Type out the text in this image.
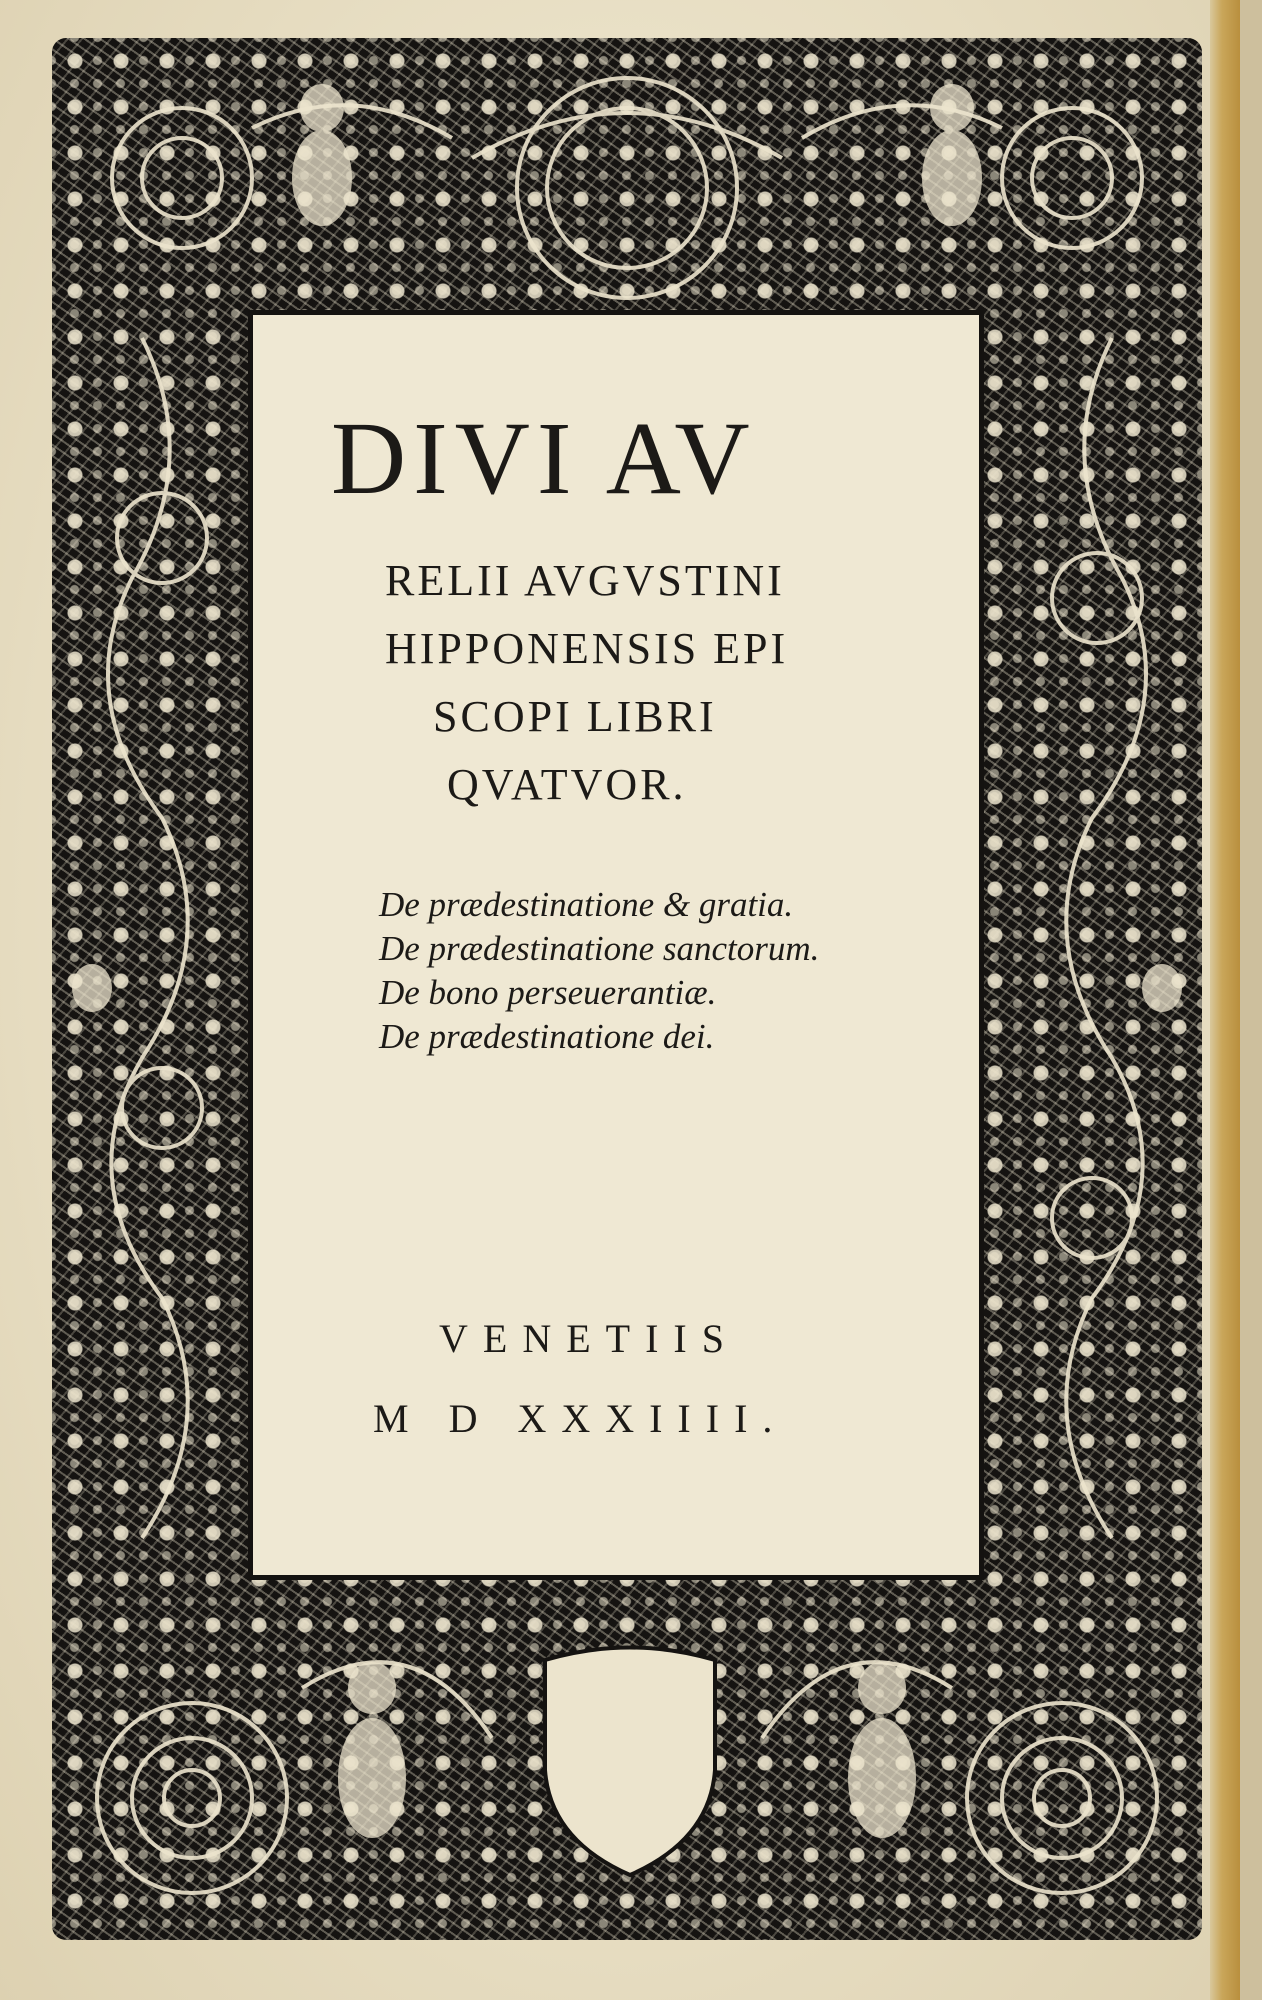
DIVI AV
RELII AVGVSTINI
HIPPONENSIS EPI
SCOPI LIBRI
QVATVOR.
De prædestinatione & gratia.
De prædestinatione sanctorum.
De bono perseuerantiæ.
De prædestinatione dei.
VENETIIS
M D XXXIIII.
